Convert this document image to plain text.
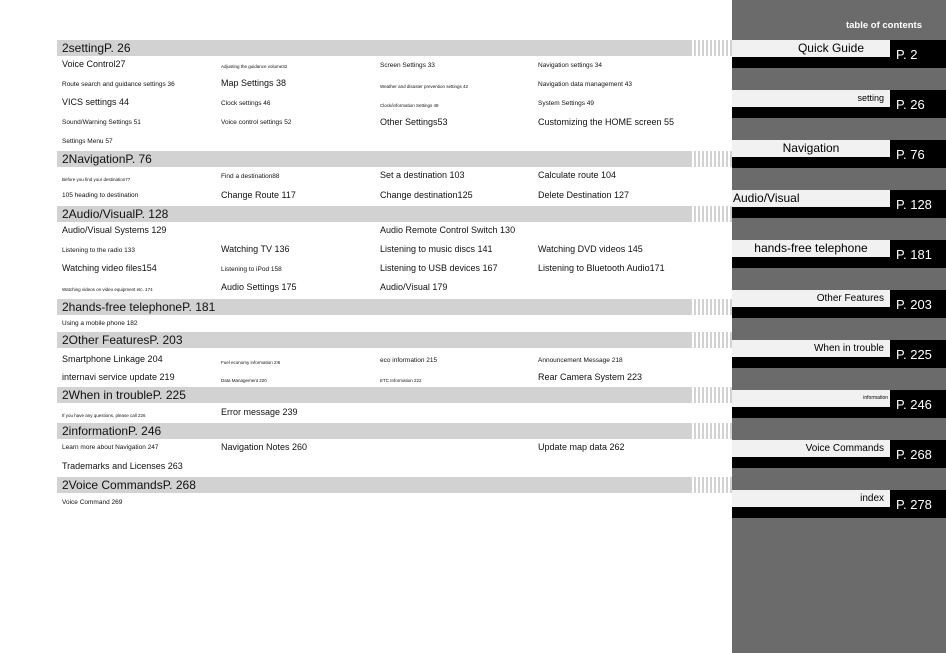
2settingP. 26
2NavigationP. 76
2Audio/VisualP. 128
2hands-free telephoneP. 181
2Other FeaturesP. 203
2When in troubleP. 225
2informationP. 246
2Voice CommandsP. 268
Voice Control27	Adjusting the guidance volume32	Screen Settings 33	Navigation settings 34
Route search and guidance settings 36	Map Settings 38	Weather and disaster prevention settings 42	Navigation data management 43
VICS settings 44	Clock settings 46	Clock/information Settings 48	System Settings 49
Sound/Warning Settings 51	Voice control settings 52	Other Settings53	Customizing the HOME screen 55
Settings Menu 57
Before you find your destination77	Find a destination88	Set a destination 103	Calculate route 104
105 heading to destination	Change Route 117	Change destination125	Delete Destination 127
Audio/Visual Systems 129	Audio Remote Control Switch 130
Listening to the radio 133	Watching TV 136	Listening to music discs 141	Watching DVD videos 145
Watching video files154	Listening to iPod 158	Listening to USB devices 167	Listening to Bluetooth Audio171
Watching videos on video equipment etc. 174	Audio Settings 175	Audio/Visual 179
Using a mobile phone 182
Smartphone Linkage 204	Fuel economy information 2!6	eco information 215	Announcement Message 218
internavi service update 219	Data Management 220	ETC Information 222	Rear Camera System 223
If you have any questions, please call 226	Error message 239
Learn more about Navigation 247	Navigation Notes 260	Update map data 262
Trademarks and Licenses 263
Voice Command 269
table of contents
Quick Guide	P. 2
setting P. 26
Navigation	P. 76
Audio/Visual	P. 128
hands-free telephone	P. 181
Other Features P. 203
When in trouble P. 225
information P. 246
Voice Commands P. 268
index P. 278
